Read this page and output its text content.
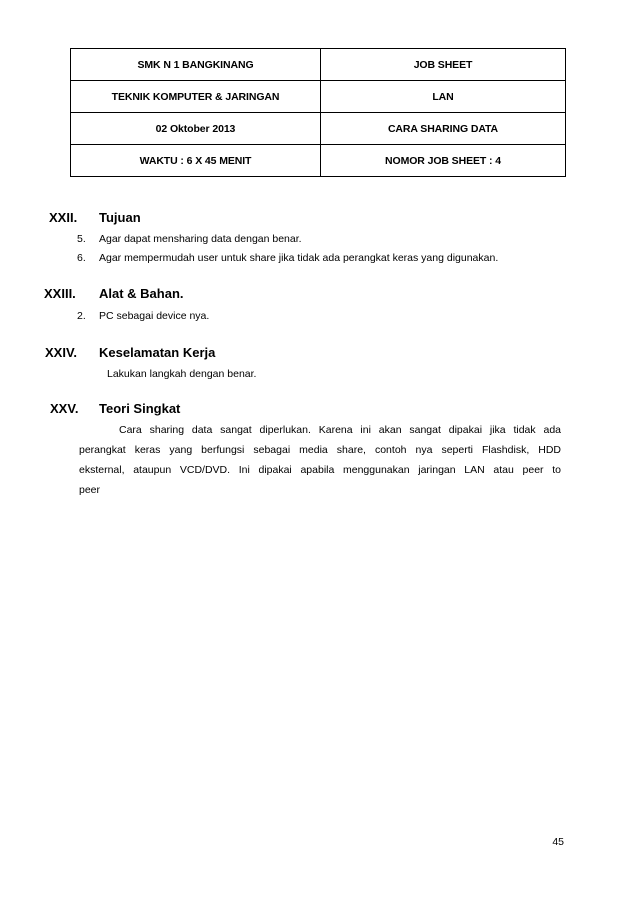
SMK N 1 BANGKINANG	JOB SHEET
TEKNIK KOMPUTER & JARINGAN	LAN
02 Oktober 2013	CARA SHARING DATA
WAKTU : 6 X 45 MENIT	NOMOR JOB SHEET : 4
XXII. Tujuan
5. Agar dapat mensharing data dengan benar.
6. Agar mempermudah user untuk share jika tidak ada perangkat keras yang digunakan.
XXIII. Alat & Bahan.
2. PC sebagai device nya.
XXIV. Keselamatan Kerja
Lakukan langkah dengan benar.
XXV. Teori Singkat
Cara sharing data sangat diperlukan. Karena ini akan sangat dipakai jika tidak ada
perangkat keras yang berfungsi sebagai media share, contoh nya seperti Flashdisk, HDD
eksternal, ataupun VCD/DVD. Ini dipakai apabila menggunakan jaringan LAN atau peer to
peer
45
